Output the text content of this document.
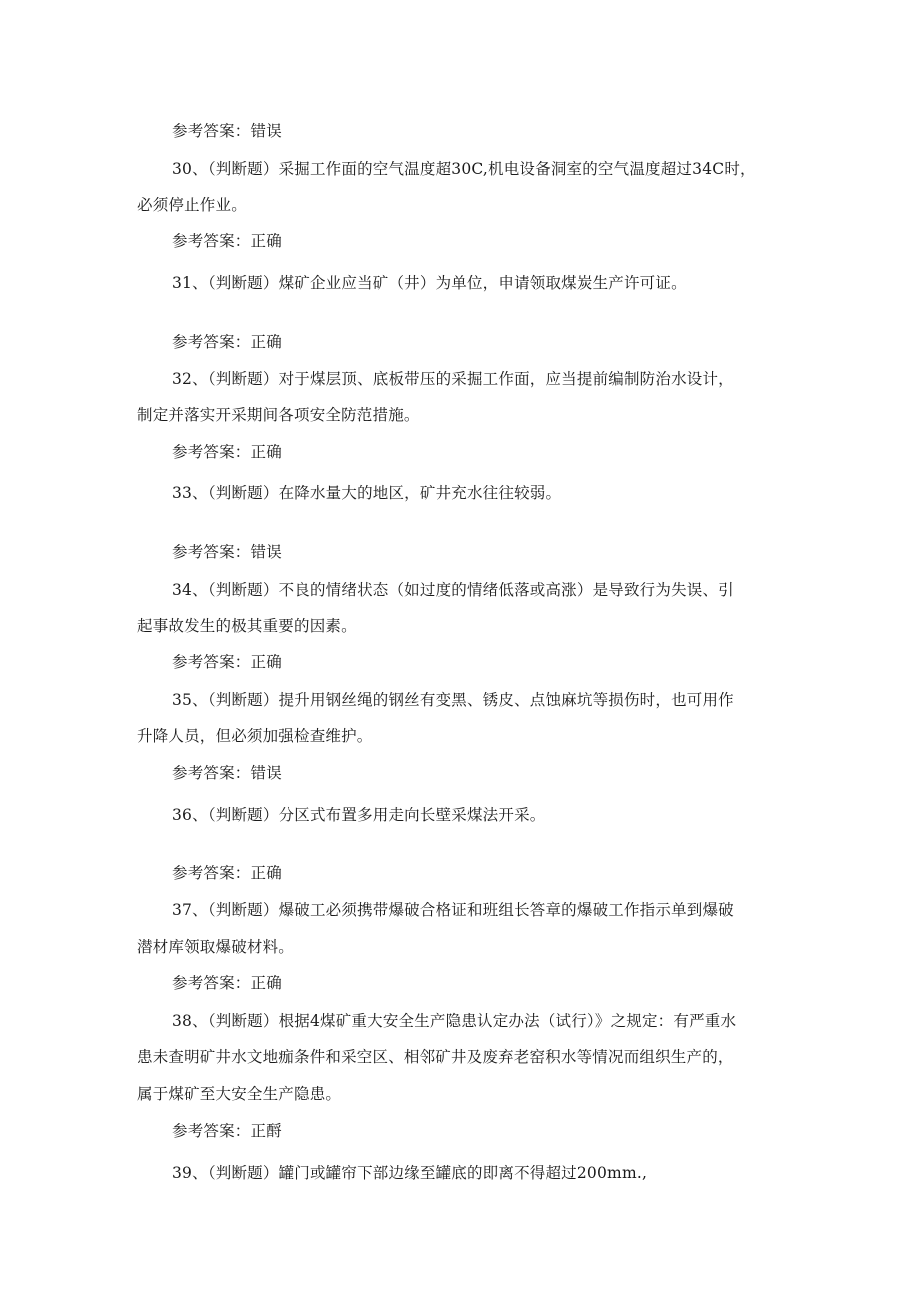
参考答案：错误
30、（判断题）采掘工作面的空气温度超30C,机电设备洞室的空气温度超过34C时，
必须停止作业。
参考答案：正确
31、（判断题）煤矿企业应当矿（井）为单位，申请领取煤炭生产许可证。
参考答案：正确
32、（判断题）对于煤层顶、底板带压的采掘工作面，应当提前编制防治水设计，
制定并落实开采期间各项安全防范措施。
参考答案：正确
33、（判断题）在降水量大的地区，矿井充水往往较弱。
参考答案：错误
34、（判断题）不良的情绪状态（如过度的情绪低落或高涨）是导致行为失误、引
起事故发生的极其重要的因素。
参考答案：正确
35、（判断题）提升用钢丝绳的钢丝有变黑、锈皮、点蚀麻坑等损伤时，也可用作
升降人员，但必须加强检查维护。
参考答案：错误
36、（判断题）分区式布置多用走向长壁采煤法开采。
参考答案：正确
37、（判断题）爆破工必须携带爆破合格证和班组长答章的爆破工作指示单到爆破
潜材库领取爆破材料。
参考答案：正确
38、（判断题）根据4煤矿重大安全生产隐患认定办法（试行）》之规定：有严重水
患未查明矿井水文地痂条件和采空区、相邻矿井及废弃老窑积水等情况而组织生产的，
属于煤矿至大安全生产隐患。
参考答案：正酹
39、（判断题）罐门或罐帘下部边缘至罐底的即离不得超过200mm.,
